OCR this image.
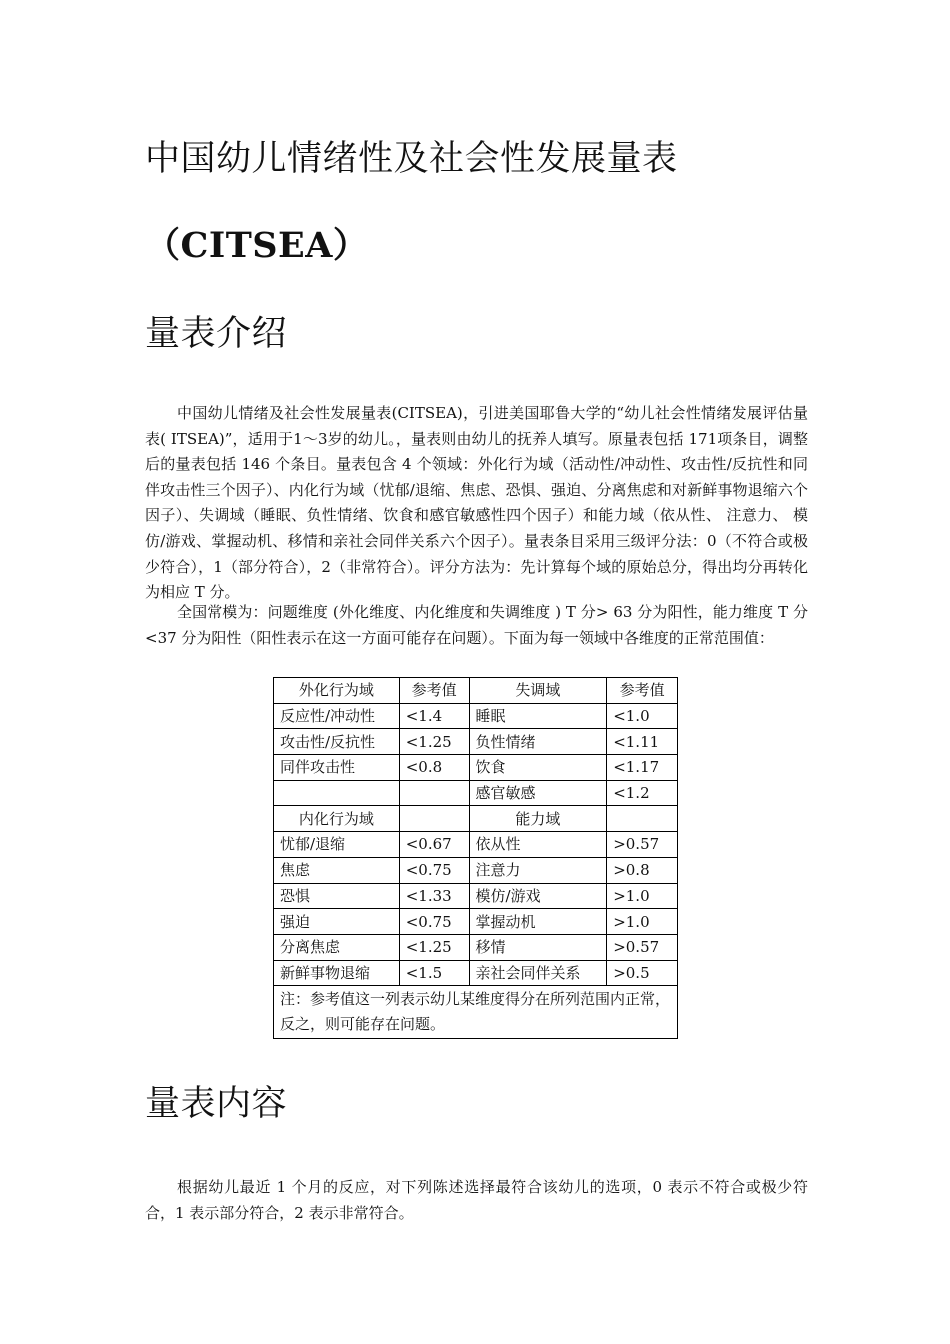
中国幼儿情绪性及社会性发展量表
（CITSEA）
量表介绍

中国幼儿情绪及社会性发展量表(CITSEA)，引进美国耶鲁大学的“幼儿社会性情绪发展评估量表( ITSEA)”，适用于1～3岁的幼儿。，量表则由幼儿的抚养人填写。原量表包括 171项条目，调整后的量表包括 146 个条目。量表包含 4 个领域：外化行为域（活动性/冲动性、攻击性/反抗性和同伴攻击性三个因子）、内化行为域（忧郁/退缩、焦虑、恐惧、强迫、分离焦虑和对新鲜事物退缩六个因子）、失调域（睡眠、负性情绪、饮食和感官敏感性四个因子）和能力域（依从性、 注意力、 模仿/游戏、掌握动机、移情和亲社会同伴关系六个因子）。量表条目采用三级评分法：0（不符合或极少符合），1（部分符合），2（非常符合）。评分方法为：先计算每个域的原始总分，得出均分再转化为相应 T 分。

全国常模为：问题维度 (外化维度、内化维度和失调维度 ) T 分> 63 分为阳性，能力维度 T 分<37 分为阳性（阳性表示在这一方面可能存在问题）。下面为每一领域中各维度的正常范围值：

外化行为域	参考值	失调域	参考值
反应性/冲动性	<1.4	睡眠	<1.0
攻击性/反抗性	<1.25	负性情绪	<1.11
同伴攻击性	<0.8	饮食	<1.17
		感官敏感	<1.2
内化行为域		能力域	
忧郁/退缩	<0.67	依从性	>0.57
焦虑	<0.75	注意力	>0.8
恐惧	<1.33	模仿/游戏	>1.0
强迫	<0.75	掌握动机	>1.0
分离焦虑	<1.25	移情	>0.57
新鲜事物退缩	<1.5	亲社会同伴关系	>0.5
注：参考值这一列表示幼儿某维度得分在所列范围内正常，反之，则可能存在问题。			
量表内容

根据幼儿最近 1 个月的反应，对下列陈述选择最符合该幼儿的选项，0 表示不符合或极少符合，1 表示部分符合，2 表示非常符合。
